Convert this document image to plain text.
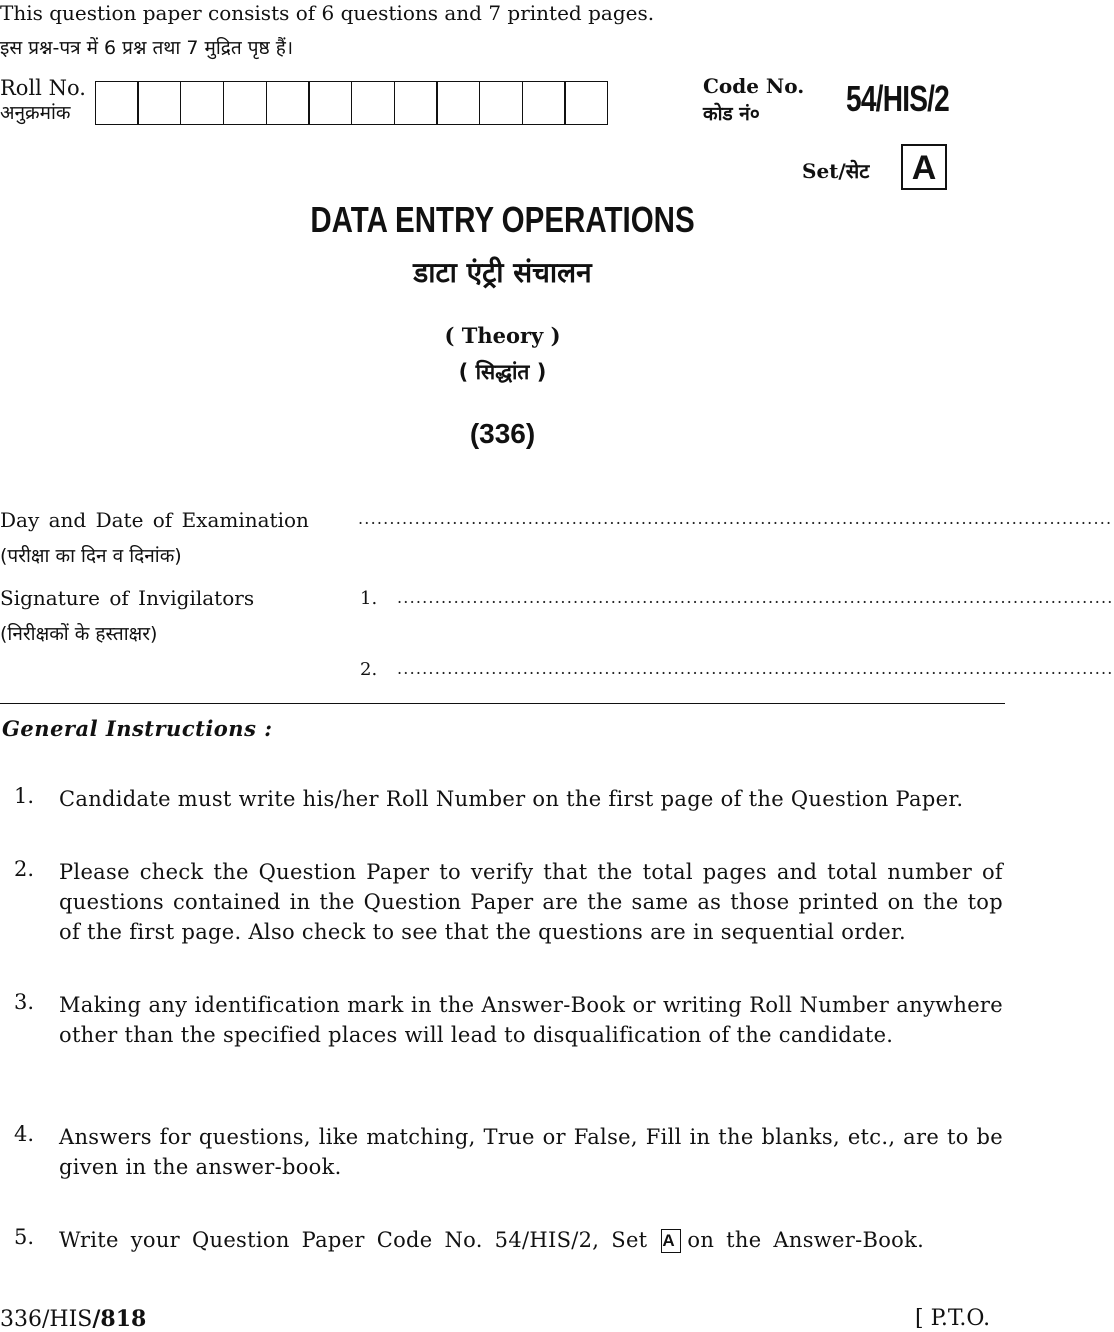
This question paper consists of 6 questions and 7 printed pages.
इस प्रश्न-पत्र में 6 प्रश्न तथा 7 मुद्रित पृष्ठ हैं।
Roll No.
अनुक्रमांक
Code No.
कोड नं०	54/HIS/2
Set/सेट	A
DATA ENTRY OPERATIONS
डाटा एंट्री संचालन
( Theory )
( सिद्धांत )
(336)
Day and Date of Examination
(परीक्षा का दिन व दिनांक)
........................................................................................................................
Signature of Invigilators
(निरीक्षकों के हस्ताक्षर)
1. ..................................................................................................................
2. ..................................................................................................................
General Instructions :
1. Candidate must write his/her Roll Number on the first page of the Question Paper.
2. Please check the Question Paper to verify that the total pages and total number of questions contained in the Question Paper are the same as those printed on the top of the first page. Also check to see that the questions are in sequential order.
3. Making any identification mark in the Answer-Book or writing Roll Number anywhere other than the specified places will lead to disqualification of the candidate.
4. Answers for questions, like matching, True or False, Fill in the blanks, etc., are to be given in the answer-book.
5. Write your Question Paper Code No. 54/HIS/2, Set A on the Answer-Book.
336/HIS/818	[ P.T.O.
